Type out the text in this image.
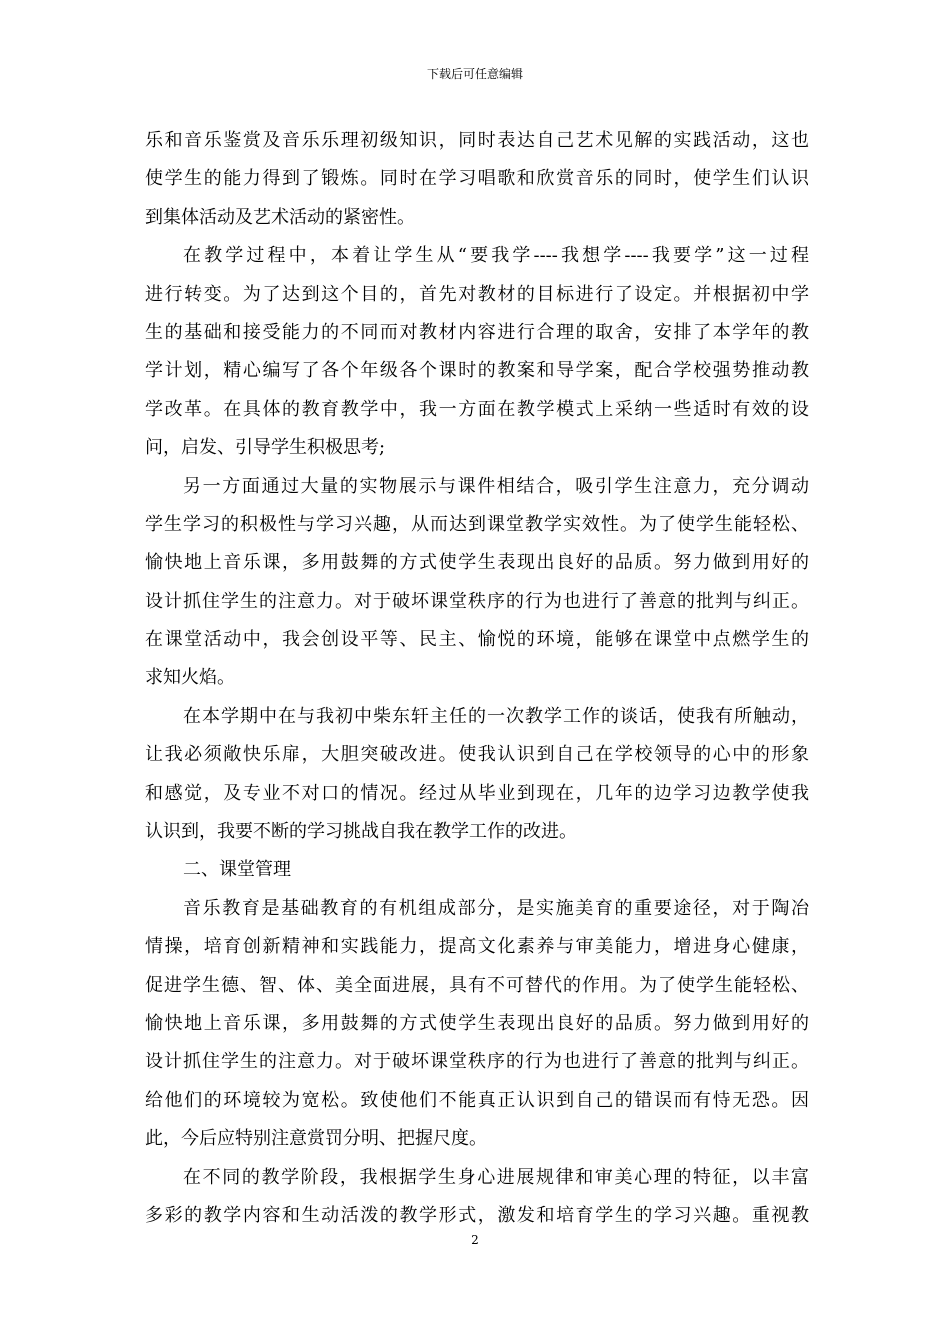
下载后可任意编辑
乐和音乐鉴赏及音乐乐理初级知识，同时表达自己艺术见解的实践活动，这也
使学生的能力得到了锻炼。同时在学习唱歌和欣赏音乐的同时，使学生们认识
到集体活动及艺术活动的紧密性。
在教学过程中，本着让学生从“要我学----我想学----我要学”这一过程
进行转变。为了达到这个目的，首先对教材的目标进行了设定。并根据初中学
生的基础和接受能力的不同而对教材内容进行合理的取舍，安排了本学年的教
学计划，精心编写了各个年级各个课时的教案和导学案，配合学校强势推动教
学改革。在具体的教育教学中，我一方面在教学模式上采纳一些适时有效的设
问，启发、引导学生积极思考;
另一方面通过大量的实物展示与课件相结合，吸引学生注意力，充分调动
学生学习的积极性与学习兴趣，从而达到课堂教学实效性。为了使学生能轻松、
愉快地上音乐课，多用鼓舞的方式使学生表现出良好的品质。努力做到用好的
设计抓住学生的注意力。对于破坏课堂秩序的行为也进行了善意的批判与纠正。
在课堂活动中，我会创设平等、民主、愉悦的环境，能够在课堂中点燃学生的
求知火焰。
在本学期中在与我初中柴东轩主任的一次教学工作的谈话，使我有所触动，
让我必须敞快乐扉，大胆突破改进。使我认识到自己在学校领导的心中的形象
和感觉，及专业不对口的情况。经过从毕业到现在，几年的边学习边教学使我
认识到，我要不断的学习挑战自我在教学工作的改进。
二、课堂管理
音乐教育是基础教育的有机组成部分，是实施美育的重要途径，对于陶冶
情操，培育创新精神和实践能力，提高文化素养与审美能力，增进身心健康，
促进学生德、智、体、美全面进展，具有不可替代的作用。为了使学生能轻松、
愉快地上音乐课，多用鼓舞的方式使学生表现出良好的品质。努力做到用好的
设计抓住学生的注意力。对于破坏课堂秩序的行为也进行了善意的批判与纠正。
给他们的环境较为宽松。致使他们不能真正认识到自己的错误而有恃无恐。因
此，今后应特别注意赏罚分明、把握尺度。
在不同的教学阶段，我根据学生身心进展规律和审美心理的特征，以丰富
多彩的教学内容和生动活泼的教学形式，激发和培育学生的学习兴趣。重视教
2
